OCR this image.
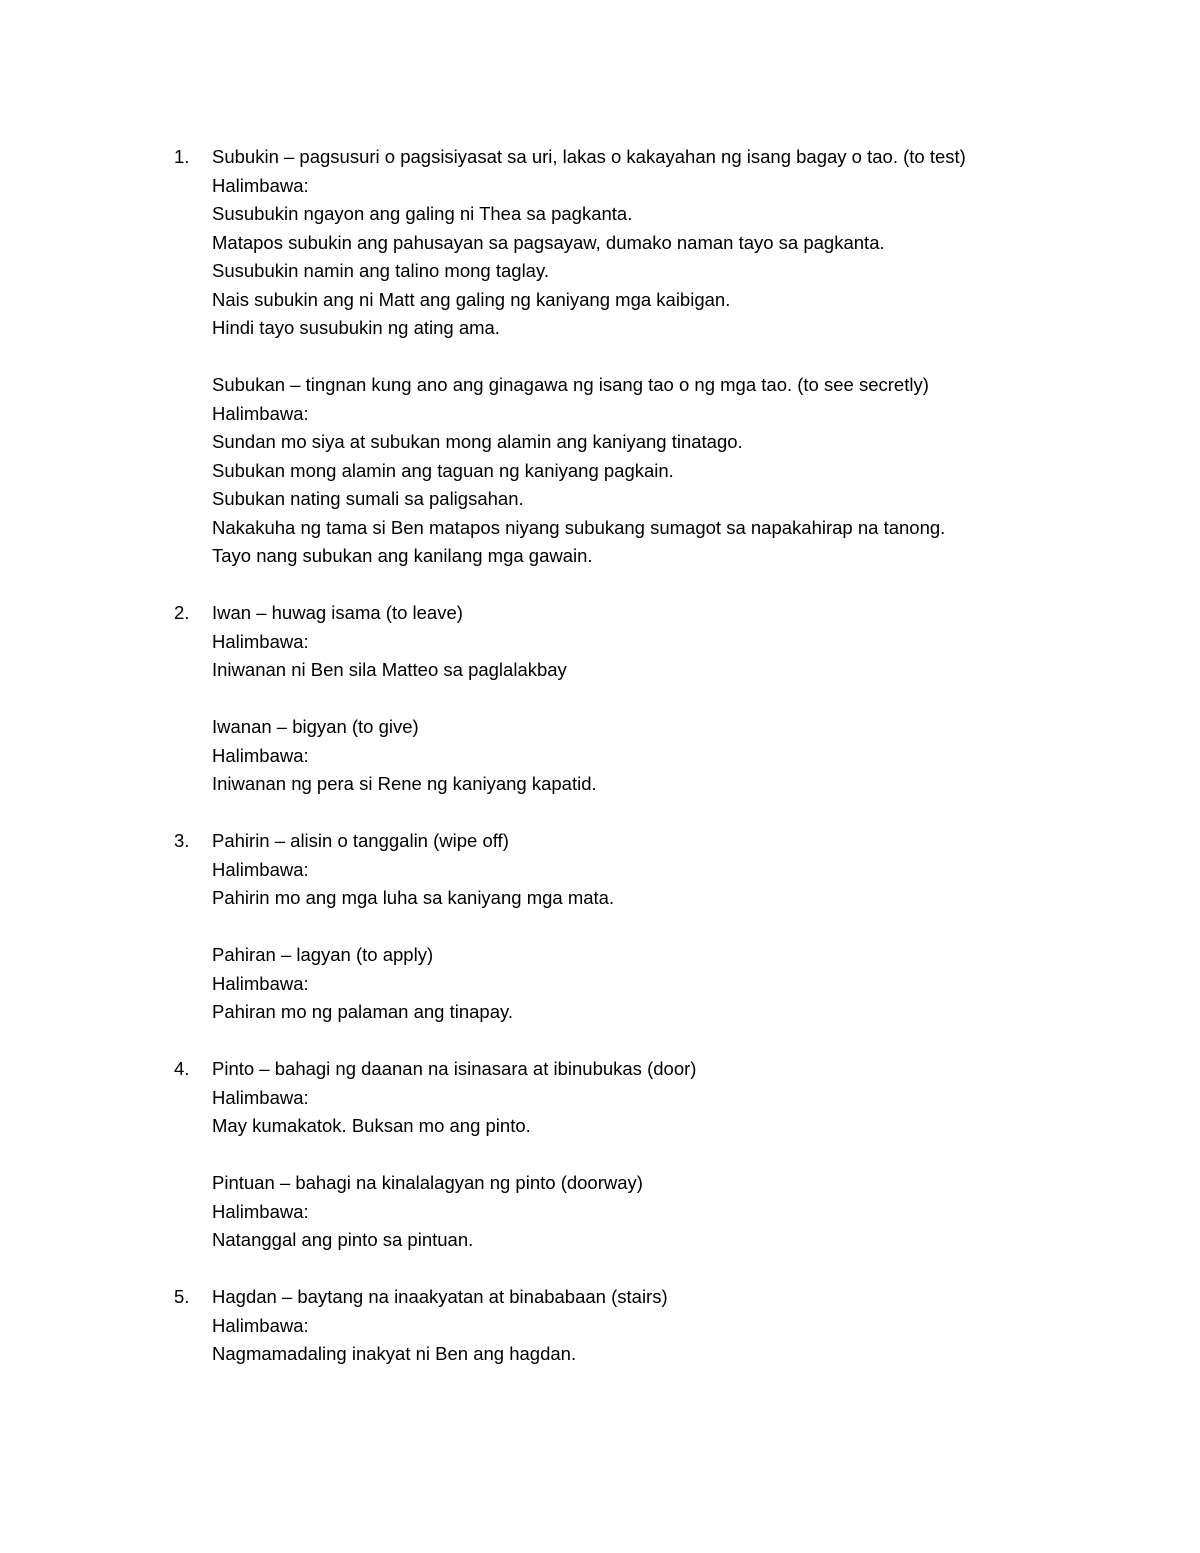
1. Subukin – pagsusuri o pagsisiyasat sa uri, lakas o kakayahan ng isang bagay o tao. (to test)
Halimbawa:
Susubukin ngayon ang galing ni Thea sa pagkanta.
Matapos subukin ang pahusayan sa pagsayaw, dumako naman tayo sa pagkanta.
Susubukin namin ang talino mong taglay.
Nais subukin ang ni Matt ang galing ng kaniyang mga kaibigan.
Hindi tayo susubukin ng ating ama.
Subukan – tingnan kung ano ang ginagawa ng isang tao o ng mga tao. (to see secretly)
Halimbawa:
Sundan mo siya at subukan mong alamin ang kaniyang tinatago.
Subukan mong alamin ang taguan ng kaniyang pagkain.
Subukan nating sumali sa paligsahan.
Nakakuha ng tama si Ben matapos niyang subukang sumagot sa napakahirap na tanong.
Tayo nang subukan ang kanilang mga gawain.
2. Iwan – huwag isama (to leave)
Halimbawa:
Iniwanan ni Ben sila Matteo sa paglalakbay
Iwanan – bigyan (to give)
Halimbawa:
Iniwanan ng pera si Rene ng kaniyang kapatid.
3. Pahirin – alisin o tanggalin (wipe off)
Halimbawa:
Pahirin mo ang mga luha sa kaniyang mga mata.
Pahiran – lagyan (to apply)
Halimbawa:
Pahiran mo ng palaman ang tinapay.
4. Pinto – bahagi ng daanan na isinasara at ibinubukas (door)
Halimbawa:
May kumakatok. Buksan mo ang pinto.
Pintuan – bahagi na kinalalagyan ng pinto (doorway)
Halimbawa:
Natanggal ang pinto sa pintuan.
5. Hagdan – baytang na inaakyatan at binababaan (stairs)
Halimbawa:
Nagmamadaling inakyat ni Ben ang hagdan.
